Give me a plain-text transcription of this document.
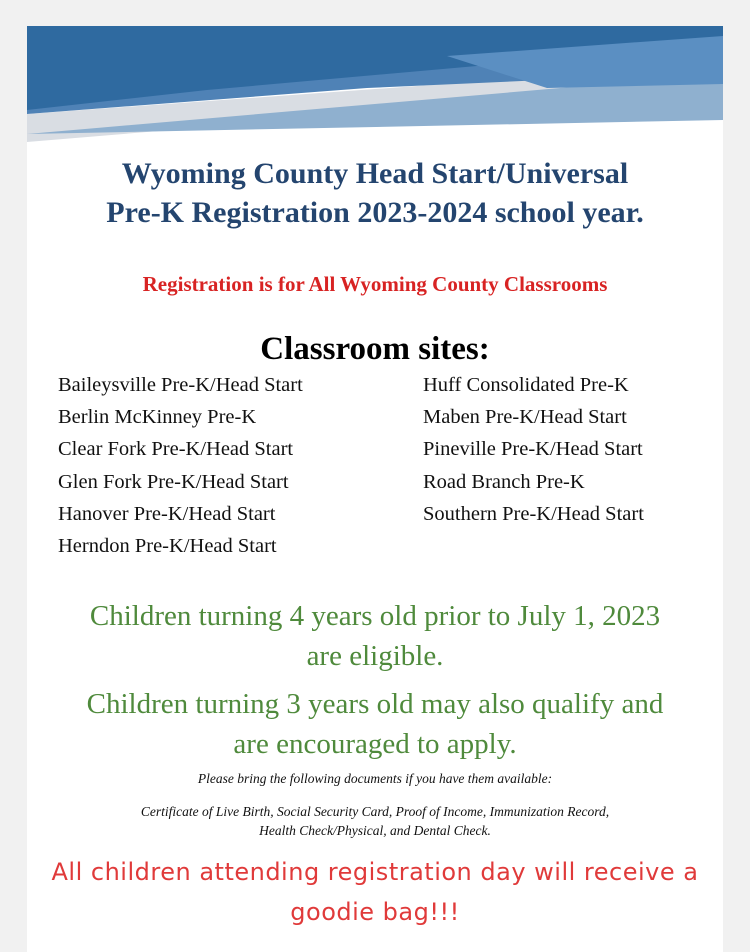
Wyoming County Head Start/Universal
Pre-K Registration 2023-2024 school year.
Registration is for All Wyoming County Classrooms
Classroom sites:
Baileysville Pre-K/Head Start
Berlin McKinney Pre-K
Clear Fork Pre-K/Head Start
Glen Fork Pre-K/Head Start
Hanover Pre-K/Head Start
Herndon Pre-K/Head Start
Huff Consolidated Pre-K
Maben Pre-K/Head Start
Pineville Pre-K/Head Start
Road Branch Pre-K
Southern Pre-K/Head Start
Children turning 4 years old prior to July 1, 2023
are eligible.
Children turning 3 years old may also qualify and
are encouraged to apply.
Please bring the following documents if you have them available:
Certificate of Live Birth, Social Security Card, Proof of Income, Immunization Record,
Health Check/Physical, and Dental Check.
All children attending registration day will receive a
goodie bag!!!
